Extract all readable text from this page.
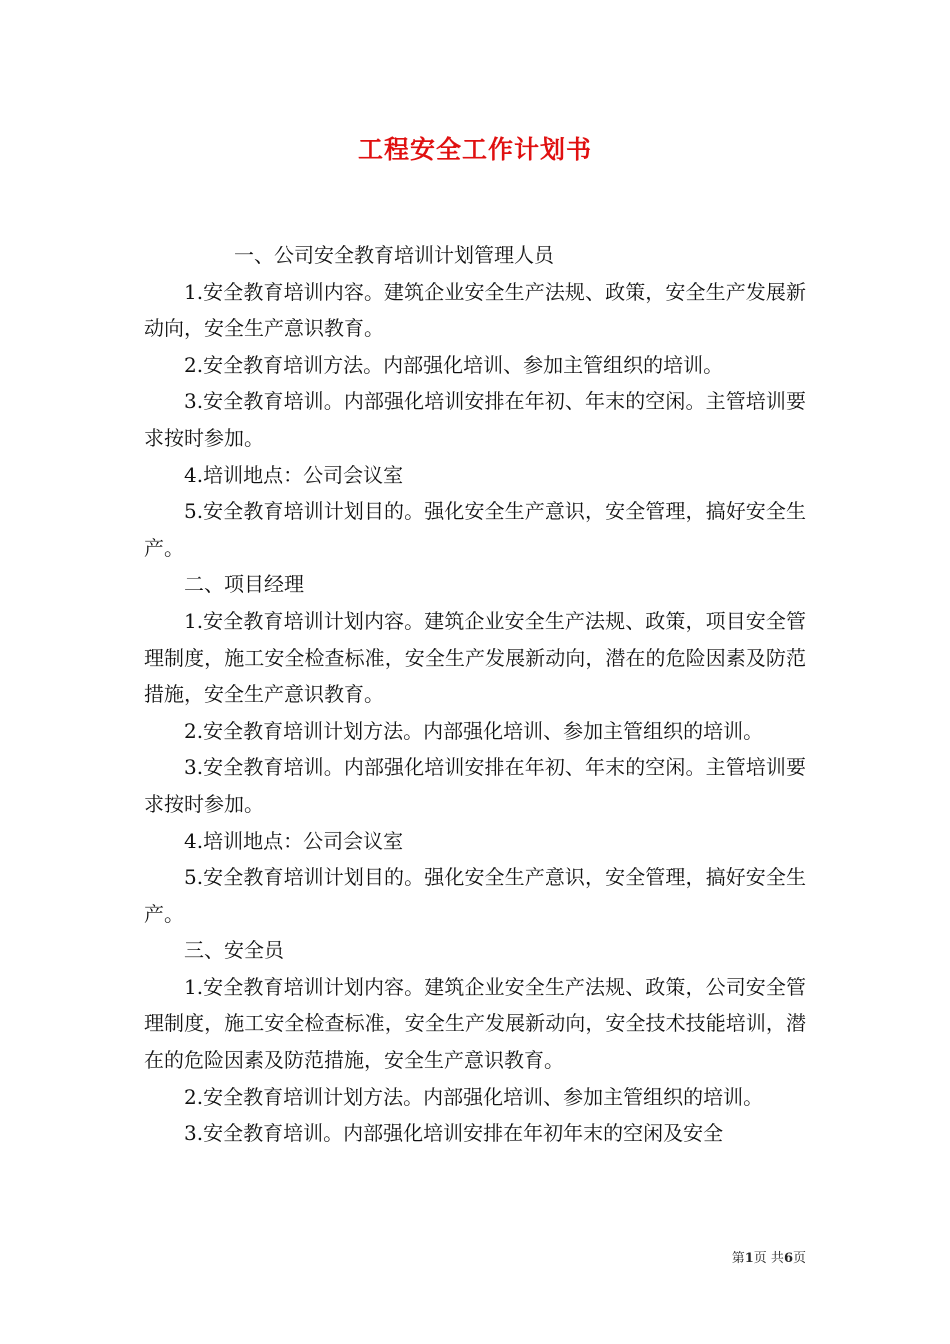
工程安全工作计划书

一、公司安全教育培训计划管理人员

1.安全教育培训内容。建筑企业安全生产法规、政策，安全生产发展新动向，安全生产意识教育。

2.安全教育培训方法。内部强化培训、参加主管组织的培训。

3.安全教育培训。内部强化培训安排在年初、年末的空闲。主管培训要求按时参加。

4.培训地点：公司会议室

5.安全教育培训计划目的。强化安全生产意识，安全管理，搞好安全生产。

二、项目经理

1.安全教育培训计划内容。建筑企业安全生产法规、政策，项目安全管理制度，施工安全检查标准，安全生产发展新动向，潜在的危险因素及防范措施，安全生产意识教育。

2.安全教育培训计划方法。内部强化培训、参加主管组织的培训。

3.安全教育培训。内部强化培训安排在年初、年末的空闲。主管培训要求按时参加。

4.培训地点：公司会议室

5.安全教育培训计划目的。强化安全生产意识，安全管理，搞好安全生产。

三、安全员

1.安全教育培训计划内容。建筑企业安全生产法规、政策，公司安全管理制度，施工安全检查标准，安全生产发展新动向，安全技术技能培训，潜在的危险因素及防范措施，安全生产意识教育。

2.安全教育培训计划方法。内部强化培训、参加主管组织的培训。

3.安全教育培训。内部强化培训安排在年初年末的空闲及安全

第1页 共6页
